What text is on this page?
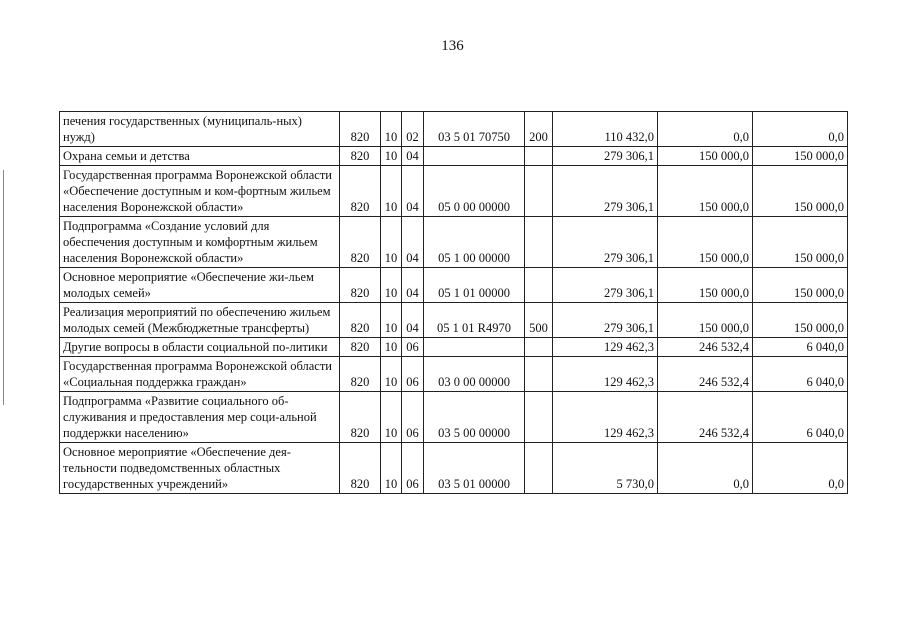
136
печения государственных (муниципаль-ных) нужд)	820	10	02	03 5 01 70750	200	110 432,0	0,0	0,0
Охрана семьи и детства	820	10	04			279 306,1	150 000,0	150 000,0
Государственная программа Воронежской области «Обеспечение доступным и ком-фортным жильем населения Воронежской области»	820	10	04	05 0 00 00000		279 306,1	150 000,0	150 000,0
Подпрограмма «Создание условий для обеспечения доступным и комфортным жильем населения Воронежской области»	820	10	04	05 1 00 00000		279 306,1	150 000,0	150 000,0
Основное мероприятие «Обеспечение жи-льем молодых семей»	820	10	04	05 1 01 00000		279 306,1	150 000,0	150 000,0
Реализация мероприятий по обеспечению жильем молодых семей (Межбюджетные трансферты)	820	10	04	05 1 01 R4970	500	279 306,1	150 000,0	150 000,0
Другие вопросы в области социальной по-литики	820	10	06			129 462,3	246 532,4	6 040,0
Государственная программа Воронежской области «Социальная поддержка граждан»	820	10	06	03 0 00 00000		129 462,3	246 532,4	6 040,0
Подпрограмма «Развитие социального об-служивания и предоставления мер соци-альной поддержки населению»	820	10	06	03 5 00 00000		129 462,3	246 532,4	6 040,0
Основное мероприятие «Обеспечение дея-тельности подведомственных областных государственных учреждений»	820	10	06	03 5 01 00000		5 730,0	0,0	0,0
